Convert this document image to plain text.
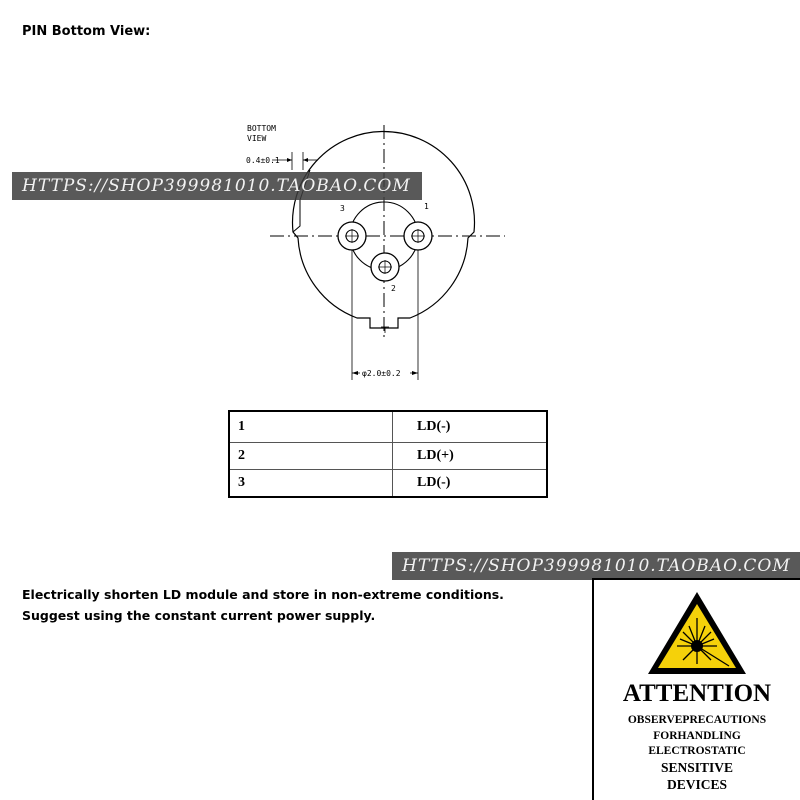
PIN Bottom View:
3	1
2
BOTTOM
VIEW
0.4±0.1
φ2.0±0.2
HTTPS://SHOP399981010.TAOBAO.COM
1	LD(-)
2	LD(+)
3	LD(-)
HTTPS://SHOP399981010.TAOBAO.COM
Electrically shorten LD module and store in non-extreme conditions.
Suggest using the constant current power supply.
ATTENTION
OBSERVEPRECAUTIONS
FORHANDLING
ELECTROSTATIC
SENSITIVE
DEVICES
